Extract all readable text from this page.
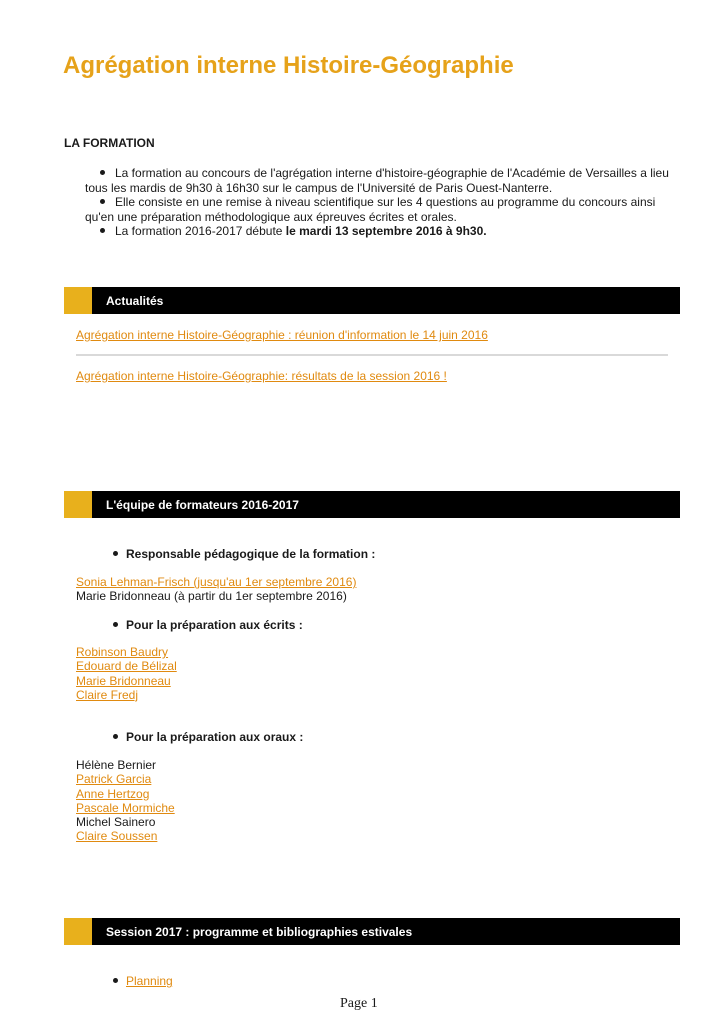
Agrégation interne Histoire-Géographie
LA FORMATION
La formation au concours de l'agrégation interne d'histoire-géographie de l'Académie de Versailles a lieu
tous les mardis de 9h30 à 16h30 sur le campus de l'Université de Paris Ouest-Nanterre.
Elle consiste en une remise à niveau scientifique sur les 4 questions au programme du concours ainsi
qu'en une préparation méthodologique aux épreuves écrites et orales.
La formation 2016-2017 débute le mardi 13 septembre 2016 à 9h30.
Actualités
Agrégation interne Histoire-Géographie : réunion d'information le 14 juin 2016
Agrégation interne Histoire-Géographie: résultats de la session 2016 !
L'équipe de formateurs 2016-2017
Responsable pédagogique de la formation :
Sonia Lehman-Frisch (jusqu'au 1er septembre 2016)
Marie Bridonneau (à partir du 1er septembre 2016)
Pour la préparation aux écrits :
Robinson Baudry
Edouard de Bélizal
Marie Bridonneau
Claire Fredj
Pour la préparation aux oraux :
Hélène Bernier
Patrick Garcia
Anne Hertzog
Pascale Mormiche
Michel Sainero
Claire Soussen
Session 2017 : programme et bibliographies estivales
Planning
Page 1
